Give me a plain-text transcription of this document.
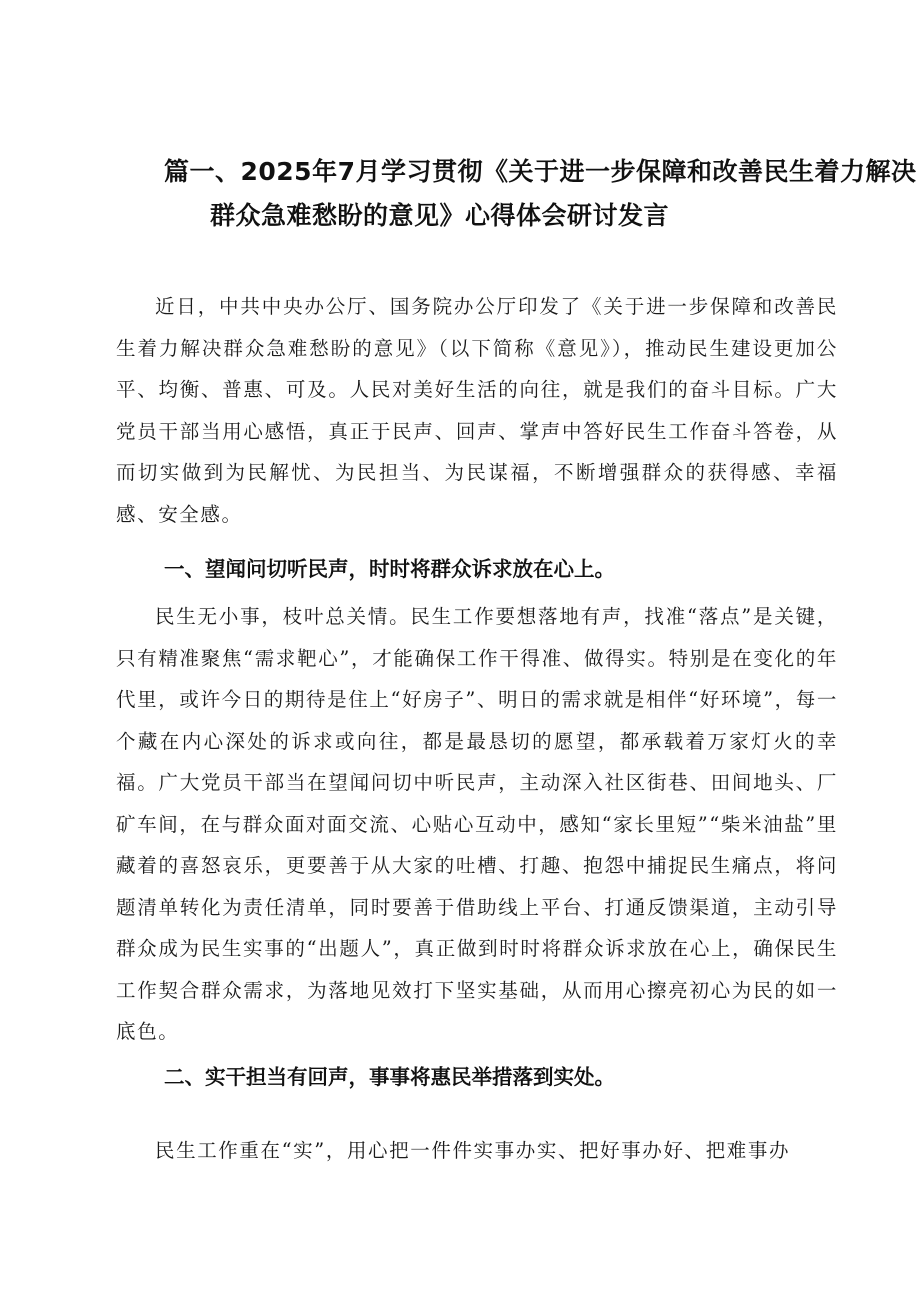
篇一、2025年7月学习贯彻《关于进一步保障和改善民生着力解决
群众急难愁盼的意见》心得体会研讨发言

近日，中共中央办公厅、国务院办公厅印发了《关于进一步保障和改善民生着力解决群众急难愁盼的意见》（以下简称《意见》），推动民生建设更加公平、均衡、普惠、可及。人民对美好生活的向往，就是我们的奋斗目标。广大党员干部当用心感悟，真正于民声、回声、掌声中答好民生工作奋斗答卷，从而切实做到为民解忧、为民担当、为民谋福，不断增强群众的获得感、幸福感、安全感。

一、望闻问切听民声，时时将群众诉求放在心上。

民生无小事，枝叶总关情。民生工作要想落地有声，找准“落点”是关键，只有精准聚焦“需求靶心”，才能确保工作干得准、做得实。特别是在变化的年代里，或许今日的期待是住上“好房子”、明日的需求就是相伴“好环境”，每一个藏在内心深处的诉求或向往，都是最恳切的愿望，都承载着万家灯火的幸福。广大党员干部当在望闻问切中听民声，主动深入社区街巷、田间地头、厂矿车间，在与群众面对面交流、心贴心互动中，感知“家长里短”“柴米油盐”里藏着的喜怒哀乐，更要善于从大家的吐槽、打趣、抱怨中捕捉民生痛点，将问题清单转化为责任清单，同时要善于借助线上平台、打通反馈渠道，主动引导群众成为民生实事的“出题人”，真正做到时时将群众诉求放在心上，确保民生工作契合群众需求，为落地见效打下坚实基础，从而用心擦亮初心为民的如一底色。

二、实干担当有回声，事事将惠民举措落到实处。

民生工作重在“实”，用心把一件件实事办实、把好事办好、把难事办
